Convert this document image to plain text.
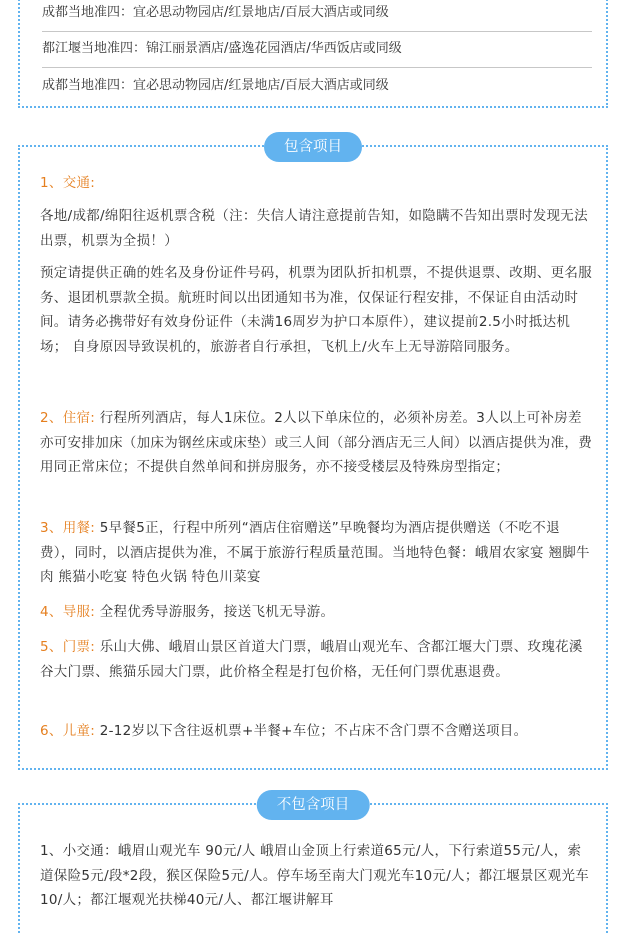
成都当地准四：宜必思动物园店/红景地店/百辰大酒店或同级
都江堰当地准四：锦江丽景酒店/盛逸花园酒店/华西饭店或同级
成都当地准四：宜必思动物园店/红景地店/百辰大酒店或同级
包含项目
1、交通:
各地/成都/绵阳往返机票含税（注：失信人请注意提前告知，如隐瞒不告知出票时发现无法出票，机票为全损！）
预定请提供正确的姓名及身份证件号码，机票为团队折扣机票，不提供退票、改期、更名服务、退团机票款全损。航班时间以出团通知书为准，仅保证行程安排，不保证自由活动时间。请务必携带好有效身份证件（未满16周岁为护口本原件），建议提前2.5小时抵达机场； 自身原因导致误机的，旅游者自行承担，飞机上/火车上无导游陪同服务。
2、住宿: 行程所列酒店，每人1床位。2人以下单床位的，必须补房差。3人以上可补房差亦可安排加床（加床为钢丝床或床垫）或三人间（部分酒店无三人间）以酒店提供为准，费用同正常床位；不提供自然单间和拼房服务，亦不接受楼层及特殊房型指定；
3、用餐: 5早餐5正，行程中所列“酒店住宿赠送”早晚餐均为酒店提供赠送（不吃不退费），同时，以酒店提供为准，不属于旅游行程质量范围。当地特色餐：峨眉农家宴 翘脚牛肉 熊猫小吃宴 特色火锅 特色川菜宴
4、导服: 全程优秀导游服务，接送飞机无导游。
5、门票: 乐山大佛、峨眉山景区首道大门票，峨眉山观光车、含都江堰大门票、玫瑰花溪谷大门票、熊猫乐园大门票，此价格全程是打包价格，无任何门票优惠退费。
6、儿童: 2-12岁以下含往返机票+半餐+车位；不占床不含门票不含赠送项目。
不包含项目
1、小交通：峨眉山观光车 90元/人 峨眉山金顶上行索道65元/人，下行索道55元/人，索道保险5元/段*2段，猴区保险5元/人。停车场至南大门观光车10元/人；都江堰景区观光车10/人；都江堰观光扶梯40元/人、都江堰讲解耳
